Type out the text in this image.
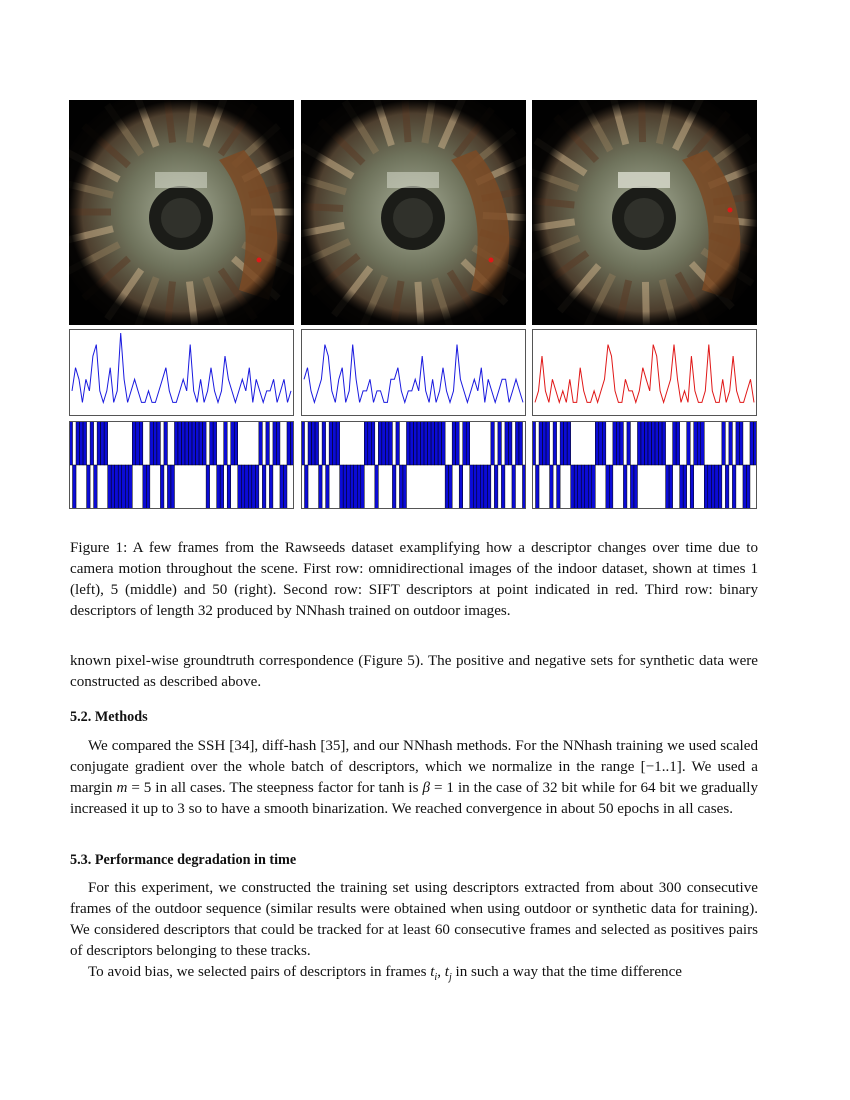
Figure 1: A few frames from the Rawseeds dataset examplifying how a descriptor changes over time due to camera motion throughout the scene. First row: omnidirectional images of the indoor dataset, shown at times 1 (left), 5 (middle) and 50 (right). Second row: SIFT descriptors at point indicated in red. Third row: binary descriptors of length 32 produced by NNhash trained on outdoor images.

known pixel-wise groundtruth correspondence (Figure 5). The positive and negative sets for synthetic data were constructed as described above.

5.2. Methods

We compared the SSH [34], diff-hash [35], and our NNhash methods. For the NNhash training we used scaled conjugate gradient over the whole batch of descriptors, which we normalize in the range [−1..1]. We used a margin m = 5 in all cases. The steepness factor for tanh is β = 1 in the case of 32 bit while for 64 bit we gradually increased it up to 3 so to have a smooth binarization. We reached convergence in about 50 epochs in all cases.

5.3. Performance degradation in time

For this experiment, we constructed the training set using descriptors extracted from about 300 consecutive frames of the outdoor sequence (similar results were obtained when using outdoor or synthetic data for training). We considered descriptors that could be tracked for at least 60 consecutive frames and selected as positives pairs of descriptors belonging to these tracks.

To avoid bias, we selected pairs of descriptors in frames $t_i$, $t_j$ in such a way that the time difference
